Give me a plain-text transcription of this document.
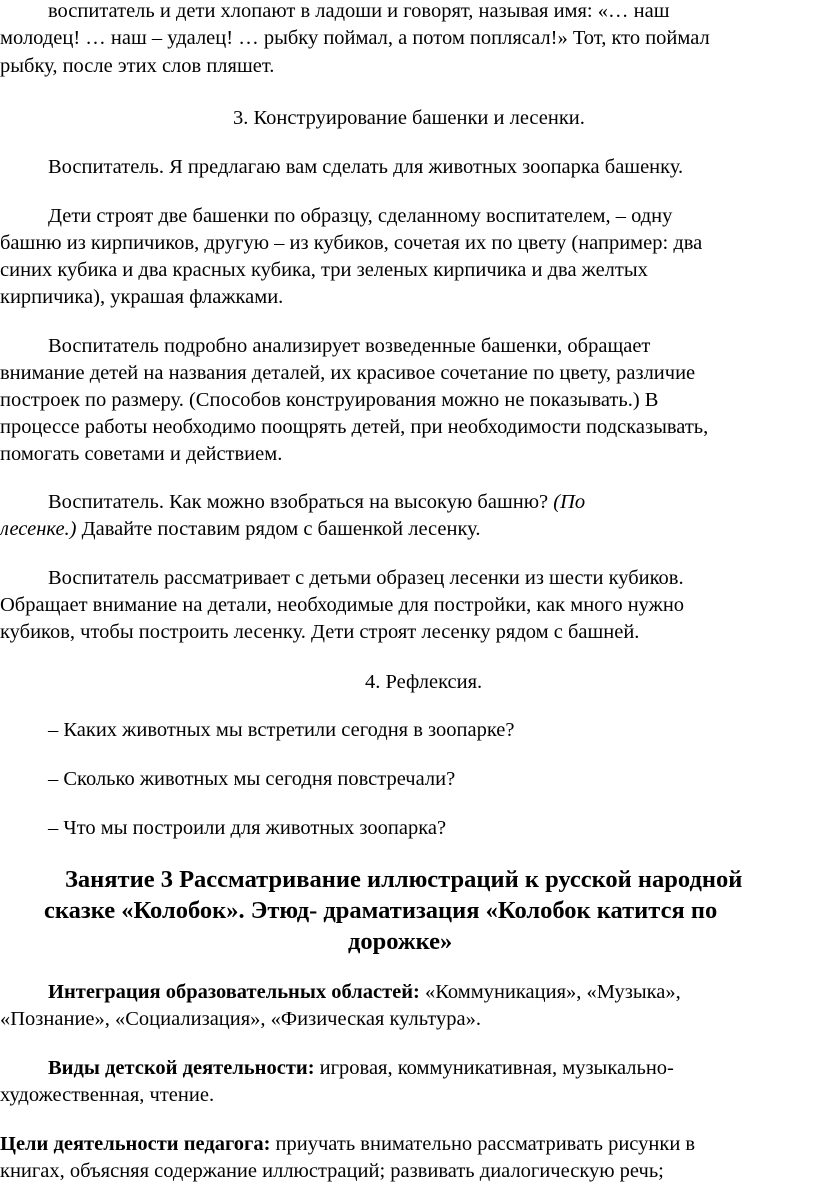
воспитатель и дети хлопают в ладоши и говорят, называя имя: «… наш
молодец! … наш – удалец! … рыбку поймал, а потом поплясал!» Тот, кто поймал
рыбку, после этих слов пляшет.
3. Конструирование башенки и лесенки.
Воспитатель. Я предлагаю вам сделать для животных зоопарка башенку.
Дети строят две башенки по образцу, сделанному воспитателем, – одну
башню из кирпичиков, другую – из кубиков, сочетая их по цвету (например: два
синих кубика и два красных кубика, три зеленых кирпичика и два желтых
кирпичика), украшая флажками.
Воспитатель подробно анализирует возведенные башенки, обращает
внимание детей на названия деталей, их красивое сочетание по цвету, различие
построек по размеру. (Способов конструирования можно не показывать.) В
процессе работы необходимо поощрять детей, при необходимости подсказывать,
помогать советами и действием.
Воспитатель. Как можно взобраться на высокую башню? (По
лесенке.) Давайте поставим рядом с башенкой лесенку.
Воспитатель рассматривает с детьми образец лесенки из шести кубиков.
Обращает внимание на детали, необходимые для постройки, как много нужно
кубиков, чтобы построить лесенку. Дети строят лесенку рядом с башней.
4. Рефлексия.
– Каких животных мы встретили сегодня в зоопарке?
– Сколько животных мы сегодня повстречали?
– Что мы построили для животных зоопарка?
Занятие 3 Рассматривание иллюстраций к русской народной
сказке «Колобок». Этюд- драматизация «Колобок катится по
дорожке»
Интеграция образовательных областей: «Коммуникация», «Музыка»,
«Познание», «Социализация», «Физическая культура».
Виды детской деятельности: игровая, коммуникативная, музыкально-
художественная, чтение.
Цели деятельности педагога: приучать внимательно рассматривать рисунки в
книгах, объясняя содержание иллюстраций; развивать диалогическую речь;
